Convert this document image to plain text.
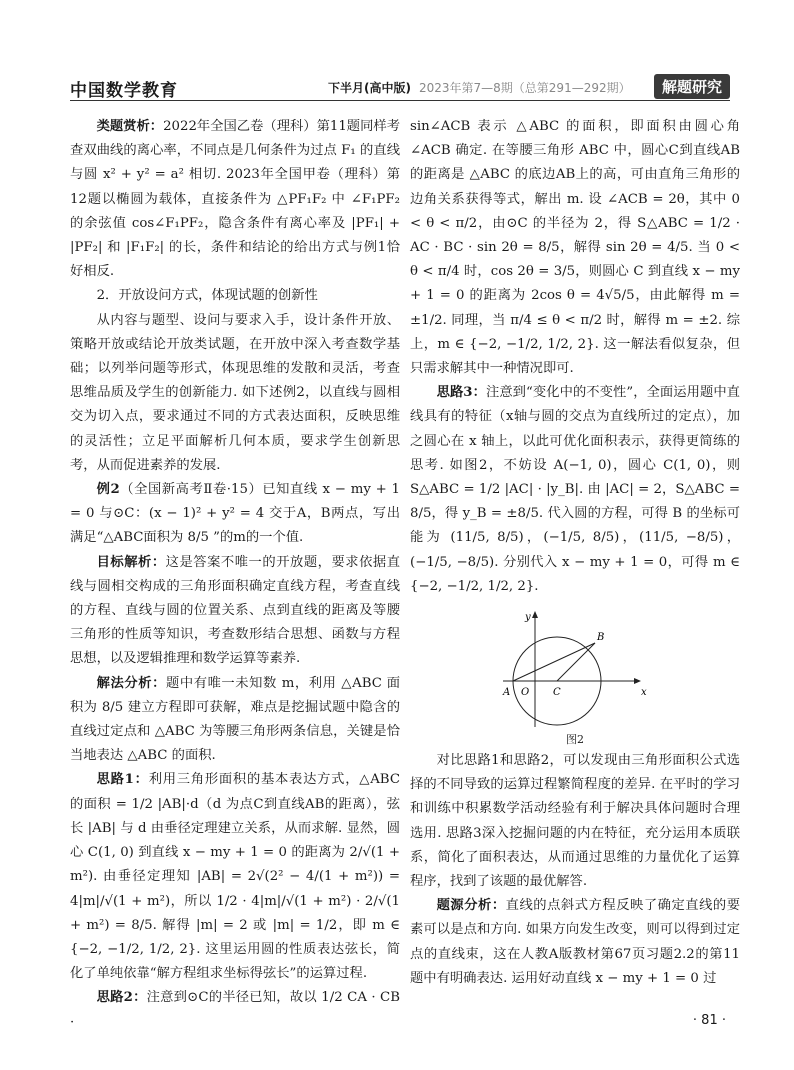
中国数学教育	下半月(高中版) 2023年第7—8期（总第291—292期）	解题研究

类题赏析：2022年全国乙卷（理科）第11题同样考查双曲线的离心率，不同点是几何条件为过点 F₁ 的直线与圆 x² + y² = a² 相切. 2023年全国甲卷（理科）第12题以椭圆为载体，直接条件为 △PF₁F₂ 中 ∠F₁PF₂ 的余弦值 cos∠F₁PF₂，隐含条件有离心率及 |PF₁| + |PF₂| 和 |F₁F₂| 的长，条件和结论的给出方式与例1恰好相反.

2．开放设问方式，体现试题的创新性

从内容与题型、设问与要求入手，设计条件开放、策略开放或结论开放类试题，在开放中深入考查数学基础；以列举问题等形式，体现思维的发散和灵活，考查思维品质及学生的创新能力. 如下述例2，以直线与圆相交为切入点，要求通过不同的方式表达面积，反映思维的灵活性；立足平面解析几何本质，要求学生创新思考，从而促进素养的发展.

例2（全国新高考Ⅱ卷·15）已知直线 x − my + 1 = 0 与⊙C：(x − 1)² + y² = 4 交于A，B两点，写出满足“△ABC面积为 8/5 ”的m的一个值.

目标解析：这是答案不唯一的开放题，要求依据直线与圆相交构成的三角形面积确定直线方程，考查直线的方程、直线与圆的位置关系、点到直线的距离及等腰三角形的性质等知识，考查数形结合思想、函数与方程思想，以及逻辑推理和数学运算等素养.

解法分析：题中有唯一未知数 m，利用 △ABC 面积为 8/5 建立方程即可获解，难点是挖掘试题中隐含的直线过定点和 △ABC 为等腰三角形两条信息，关键是恰当地表达 △ABC 的面积.

思路1：利用三角形面积的基本表达方式，△ABC 的面积 = 1/2 |AB|·d（d 为点C到直线AB的距离），弦长 |AB| 与 d 由垂径定理建立关系，从而求解. 显然，圆心 C(1, 0) 到直线 x − my + 1 = 0 的距离为 2/√(1 + m²). 由垂径定理知 |AB| = 2√(2² − 4/(1 + m²)) = 4|m|/√(1 + m²)，所以 1/2 · 4|m|/√(1 + m²) · 2/√(1 + m²) = 8/5. 解得 |m| = 2 或 |m| = 1/2，即 m ∈ {−2, −1/2, 1/2, 2}. 这里运用圆的性质表达弦长，简化了单纯依靠“解方程组求坐标得弦长”的运算过程.

思路2：注意到⊙C的半径已知，故以 1/2 CA · CB ·

sin∠ACB 表示 △ABC 的面积，即面积由圆心角 ∠ACB 确定. 在等腰三角形 ABC 中，圆心C到直线AB的距离是 △ABC 的底边AB上的高，可由直角三角形的边角关系获得等式，解出 m. 设 ∠ACB = 2θ，其中 0 < θ < π/2，由⊙C 的半径为 2，得 S△ABC = 1/2 · AC · BC · sin 2θ = 8/5，解得 sin 2θ = 4/5. 当 0 < θ < π/4 时，cos 2θ = 3/5，则圆心 C 到直线 x − my + 1 = 0 的距离为 2cos θ = 4√5/5，由此解得 m = ±1/2. 同理，当 π/4 ≤ θ < π/2 时，解得 m = ±2. 综上，m ∈ {−2, −1/2, 1/2, 2}. 这一解法看似复杂，但只需求解其中一种情况即可.

思路3：注意到“变化中的不变性”，全面运用题中直线具有的特征（x轴与圆的交点为直线所过的定点），加之圆心在 x 轴上，以此可优化面积表示，获得更简练的思考. 如图2，不妨设 A(−1, 0)，圆心 C(1, 0)，则 S△ABC = 1/2 |AC| · |y_B|. 由 |AC| = 2，S△ABC = 8/5，得 y_B = ±8/5. 代入圆的方程，可得 B 的坐标可能为 (11/5, 8/5)，(−1/5, 8/5)，(11/5, −8/5)，(−1/5, −8/5). 分别代入 x − my + 1 = 0，可得 m ∈ {−2, −1/2, 1/2, 2}.

y
x
O
A	C
B
图2

对比思路1和思路2，可以发现由三角形面积公式选择的不同导致的运算过程繁简程度的差异. 在平时的学习和训练中积累数学活动经验有利于解决具体问题时合理选用. 思路3深入挖掘问题的内在特征，充分运用本质联系，简化了面积表达，从而通过思维的力量优化了运算程序，找到了该题的最优解答.

题源分析：直线的点斜式方程反映了确定直线的要素可以是点和方向. 如果方向发生改变，则可以得到过定点的直线束，这在人教A版教材第67页习题2.2的第11题中有明确表达. 运用好动直线 x − my + 1 = 0 过

· 81 ·
